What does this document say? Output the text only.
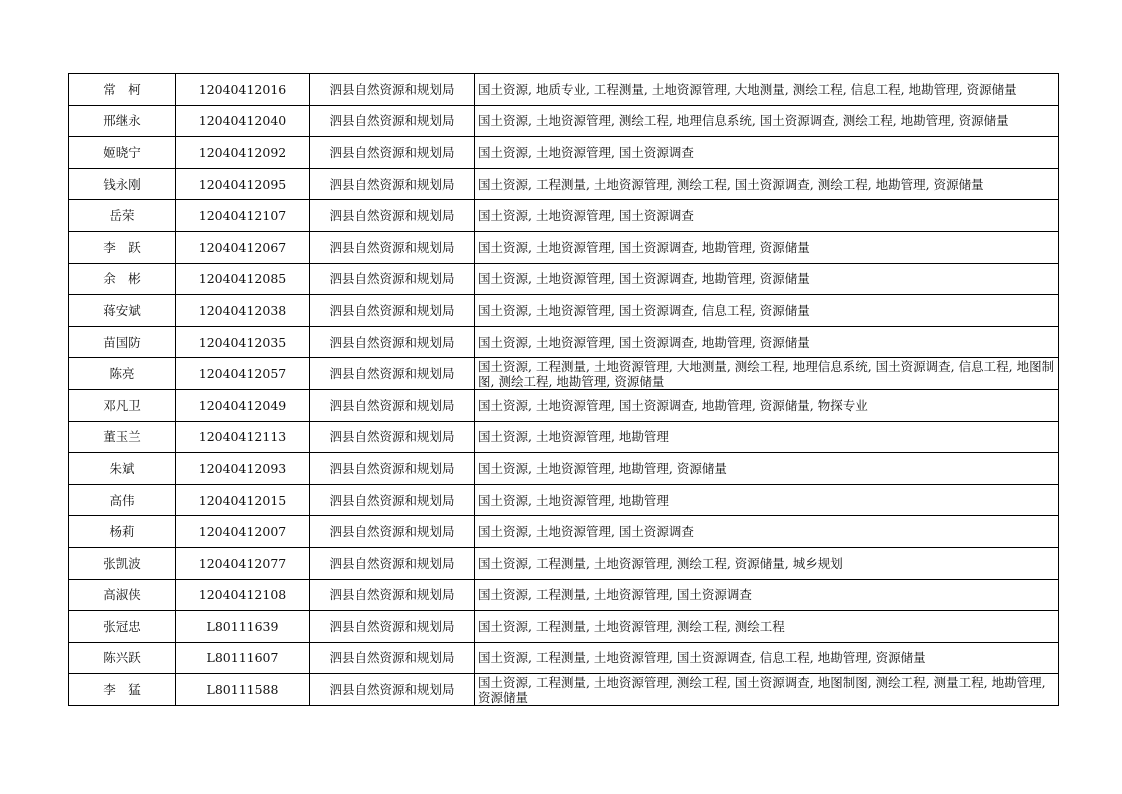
常　柯	12040412016	泗县自然资源和规划局	国土资源, 地质专业, 工程测量, 土地资源管理, 大地测量, 测绘工程, 信息工程, 地勘管理, 资源储量

邢继永	12040412040	泗县自然资源和规划局	国土资源, 土地资源管理, 测绘工程, 地理信息系统, 国土资源调查, 测绘工程, 地勘管理, 资源储量

姬晓宁	12040412092	泗县自然资源和规划局	国土资源, 土地资源管理, 国土资源调查

钱永刚	12040412095	泗县自然资源和规划局	国土资源, 工程测量, 土地资源管理, 测绘工程, 国土资源调查, 测绘工程, 地勘管理, 资源储量

岳荣	12040412107	泗县自然资源和规划局	国土资源, 土地资源管理, 国土资源调查

李　跃	12040412067	泗县自然资源和规划局	国土资源, 土地资源管理, 国土资源调查, 地勘管理, 资源储量

余　彬	12040412085	泗县自然资源和规划局	国土资源, 土地资源管理, 国土资源调查, 地勘管理, 资源储量

蒋安斌	12040412038	泗县自然资源和规划局	国土资源, 土地资源管理, 国土资源调查, 信息工程, 资源储量

苗国防	12040412035	泗县自然资源和规划局	国土资源, 土地资源管理, 国土资源调查, 地勘管理, 资源储量

陈亮	12040412057	泗县自然资源和规划局	国土资源, 工程测量, 土地资源管理, 大地测量, 测绘工程, 地理信息系统, 国土资源调查, 信息工程, 地图制图, 测绘工程, 地勘管理, 资源储量

邓凡卫	12040412049	泗县自然资源和规划局	国土资源, 土地资源管理, 国土资源调查, 地勘管理, 资源储量, 物探专业

董玉兰	12040412113	泗县自然资源和规划局	国土资源, 土地资源管理, 地勘管理

朱斌	12040412093	泗县自然资源和规划局	国土资源, 土地资源管理, 地勘管理, 资源储量

高伟	12040412015	泗县自然资源和规划局	国土资源, 土地资源管理, 地勘管理

杨莉	12040412007	泗县自然资源和规划局	国土资源, 土地资源管理, 国土资源调查

张凯波	12040412077	泗县自然资源和规划局	国土资源, 工程测量, 土地资源管理, 测绘工程, 资源储量, 城乡规划

高淑侠	12040412108	泗县自然资源和规划局	国土资源, 工程测量, 土地资源管理, 国土资源调查

张冠忠	L80111639	泗县自然资源和规划局	国土资源, 工程测量, 土地资源管理, 测绘工程, 测绘工程

陈兴跃	L80111607	泗县自然资源和规划局	国土资源, 工程测量, 土地资源管理, 国土资源调查, 信息工程, 地勘管理, 资源储量

李　猛	L80111588	泗县自然资源和规划局	国土资源, 工程测量, 土地资源管理, 测绘工程, 国土资源调查, 地图制图, 测绘工程, 测量工程, 地勘管理, 资源储量
